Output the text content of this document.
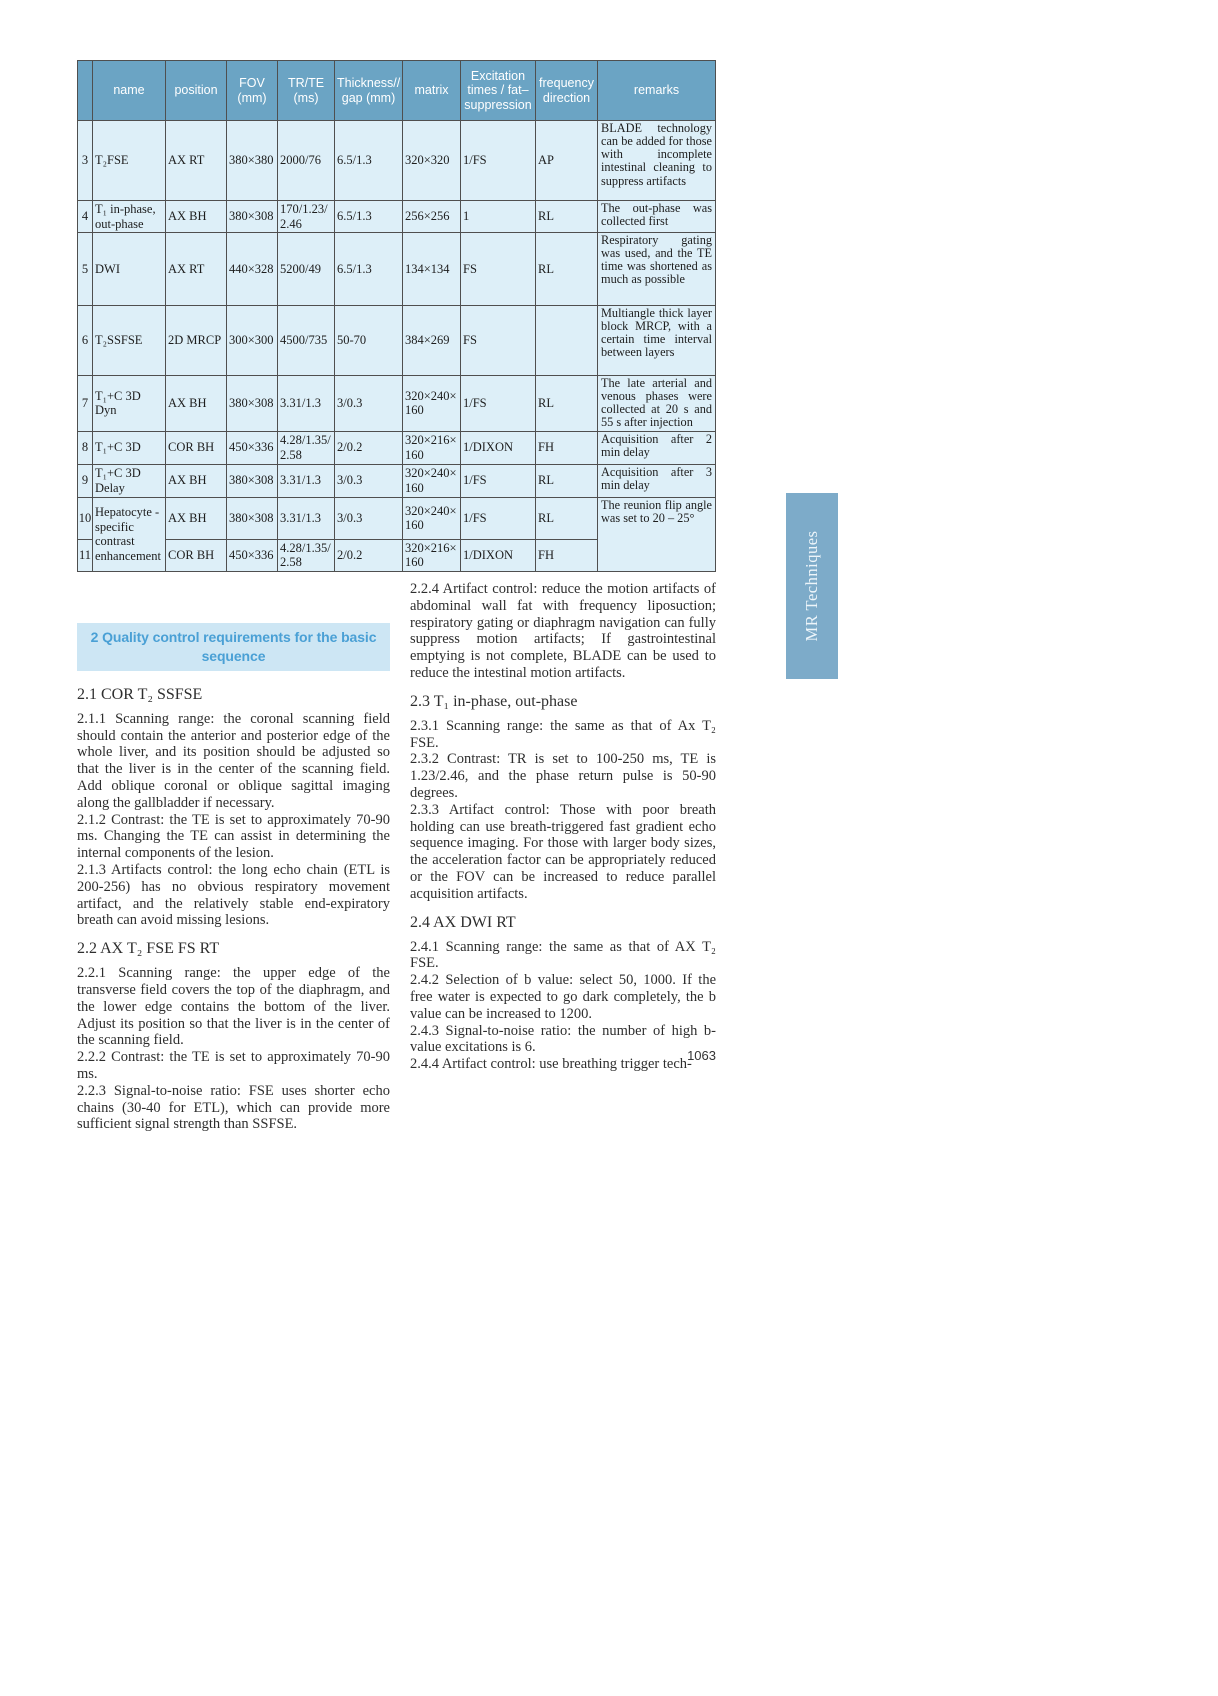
	name	position	FOV (mm)	TR/TE (ms)	Thickness// gap (mm)	matrix	Excitation times / fat– suppression	frequency direction	remarks
3	T₂FSE	AX RT	380×380	2000/76	6.5/1.3	320×320	1/FS	AP	BLADE technology can be added for those with incomplete intestinal cleaning to suppress artifacts
4	T₁ in-phase, out-phase	AX BH	380×308	170/1.23/2.46	6.5/1.3	256×256	1	RL	The out-phase was collected first
5	DWI	AX RT	440×328	5200/49	6.5/1.3	134×134	FS	RL	Respiratory gating was used, and the TE time was shortened as much as possible
6	T₂SSFSE	2D MRCP	300×300	4500/735	50-70	384×269	FS		Multiangle thick layer block MRCP, with a certain time interval between layers
7	T₁+C 3D Dyn	AX BH	380×308	3.31/1.3	3/0.3	320×240×160	1/FS	RL	The late arterial and venous phases were collected at 20 s and 55 s after injection
8	T₁+C 3D	COR BH	450×336	4.28/1.35/2.58	2/0.2	320×216×160	1/DIXON	FH	Acquisition after 2 min delay
9	T₁+C 3D Delay	AX BH	380×308	3.31/1.3	3/0.3	320×240×160	1/FS	RL	Acquisition after 3 min delay
10	Hepatocyte - specific contrast enhancement	AX BH	380×308	3.31/1.3	3/0.3	320×240×160	1/FS	RL	The reunion flip angle was set to 20 – 25°
11		COR BH	450×336	4.28/1.35/2.58	2/0.2	320×216×160	1/DIXON	FH	
2 Quality control requirements for the basic sequence
2.1 COR T₂ SSFSE

2.1.1 Scanning range: the coronal scanning field should contain the anterior and posterior edge of the whole liver, and its position should be adjusted so that the liver is in the center of the scanning field. Add oblique coronal or oblique sagittal imaging along the gallbladder if necessary.

2.1.2 Contrast: the TE is set to approximately 70-90 ms. Changing the TE can assist in determining the internal components of the lesion.

2.1.3 Artifacts control: the long echo chain (ETL is 200-256) has no obvious respiratory movement artifact, and the relatively stable end-expiratory breath can avoid missing lesions.

2.2 AX T₂ FSE FS RT

2.2.1 Scanning range: the upper edge of the transverse field covers the top of the diaphragm, and the lower edge contains the bottom of the liver. Adjust its position so that the liver is in the center of the scanning field.

2.2.2 Contrast: the TE is set to approximately 70-90 ms.

2.2.3 Signal-to-noise ratio: FSE uses shorter echo chains (30-40 for ETL), which can provide more sufficient signal strength than SSFSE.

2.2.4 Artifact control: reduce the motion artifacts of abdominal wall fat with frequency liposuction; respiratory gating or diaphragm navigation can fully suppress motion artifacts; If gastrointestinal emptying is not complete, BLADE can be used to reduce the intestinal motion artifacts.

2.3 T₁ in-phase, out-phase

2.3.1 Scanning range: the same as that of Ax T₂ FSE.

2.3.2 Contrast: TR is set to 100-250 ms, TE is 1.23/2.46, and the phase return pulse is 50-90 degrees.

2.3.3 Artifact control: Those with poor breath holding can use breath-triggered fast gradient echo sequence imaging. For those with larger body sizes, the acceleration factor can be appropriately reduced or the FOV can be increased to reduce parallel acquisition artifacts.

2.4 AX DWI RT

2.4.1 Scanning range: the same as that of AX T₂ FSE.

2.4.2 Selection of b value: select 50, 1000. If the free water is expected to go dark completely, the b value can be increased to 1200.

2.4.3 Signal-to-noise ratio: the number of high b-value excitations is 6.

2.4.4 Artifact control: use breathing trigger tech-

1063
MR Techniques
